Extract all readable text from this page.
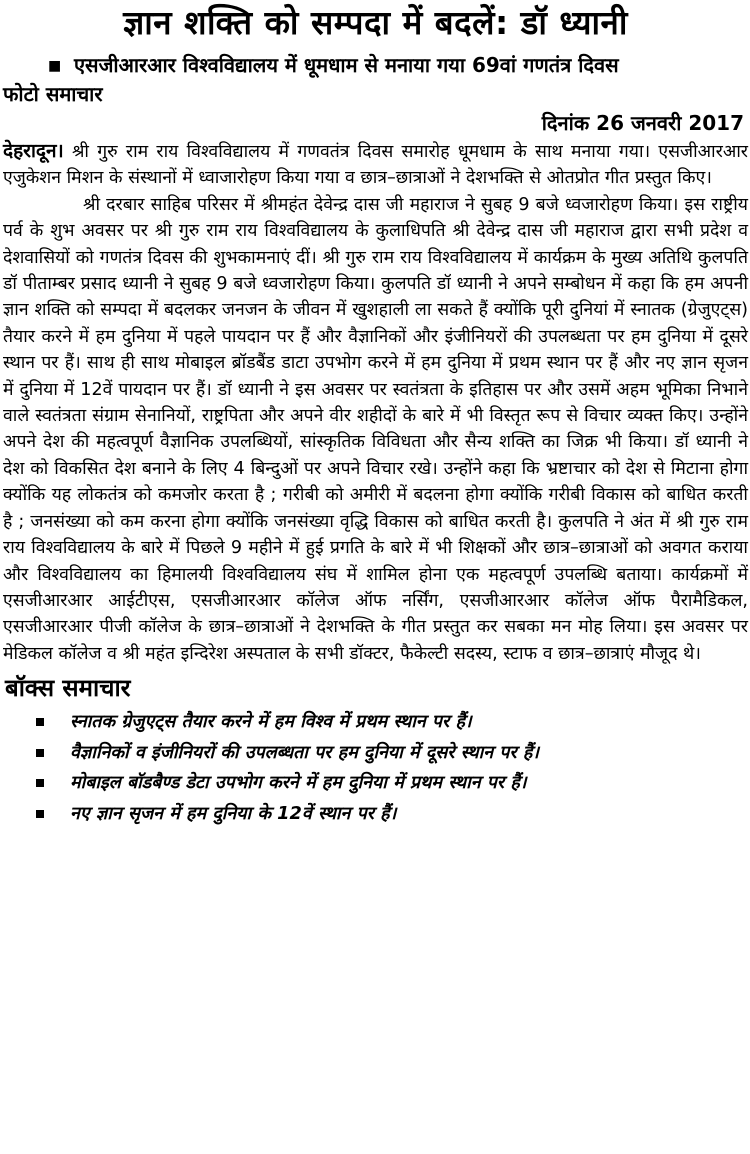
ज्ञान शक्ति को सम्पदा में बदलें: डॉ ध्यानी
■ एसजीआरआर विश्वविद्यालय में धूमधाम से मनाया गया 69वां गणतंत्र दिवस
फोटो समाचार
दिनांक 26 जनवरी 2017

देहरादून। श्री गुरु राम राय विश्वविद्यालय में गणवतंत्र दिवस समारोह धूमधाम के साथ मनाया गया। एसजीआरआर एजुकेशन मिशन के संस्थानों में ध्वाजारोहण किया गया व छात्र–छात्राओं ने देशभक्ति से ओतप्रोत गीत प्रस्तुत किए।

श्री दरबार साहिब परिसर में श्रीमहंत देवेन्द्र दास जी महाराज ने सुबह 9 बजे ध्वजारोहण किया। इस राष्ट्रीय पर्व के शुभ अवसर पर श्री गुरु राम राय विश्वविद्यालय के कुलाधिपति श्री देवेन्द्र दास जी महाराज द्वारा सभी प्रदेश व देशवासियों को गणतंत्र दिवस की शुभकामनाएं दीं। श्री गुरु राम राय विश्वविद्यालय में कार्यक्रम के मुख्य अतिथि कुलपति डॉ पीताम्बर प्रसाद ध्यानी ने सुबह 9 बजे ध्वजारोहण किया। कुलपति डॉ ध्यानी ने अपने सम्बोधन में कहा कि हम अपनी ज्ञान शक्ति को सम्पदा में बदलकर जनजन के जीवन में खुशहाली ला सकते हैं क्योंकि पूरी दुनियां में स्नातक (ग्रेजुएट्स) तैयार करने में हम दुनिया में पहले पायदान पर हैं और वैज्ञानिकों और इंजीनियरों की उपलब्धता पर हम दुनिया में दूसरे स्थान पर हैं। साथ ही साथ मोबाइल ब्रॉडबैंड डाटा उपभोग करने में हम दुनिया में प्रथम स्थान पर हैं और नए ज्ञान सृजन में दुनिया में 12वें पायदान पर हैं। डॉ ध्यानी ने इस अवसर पर स्वतंत्रता के इतिहास पर और उसमें अहम भूमिका निभाने वाले स्वतंत्रता संग्राम सेनानियों, राष्ट्रपिता और अपने वीर शहीदों के बारे में भी विस्तृत रूप से विचार व्यक्त किए। उन्होंने अपने देश की महत्वपूर्ण वैज्ञानिक उपलब्धियों, सांस्कृतिक विविधता और सैन्य शक्ति का जिक्र भी किया। डॉ ध्यानी ने देश को विकसित देश बनाने के लिए 4 बिन्दुओं पर अपने विचार रखे। उन्होंने कहा कि भ्रष्टाचार को देश से मिटाना होगा क्योंकि यह लोकतंत्र को कमजोर करता है ; गरीबी को अमीरी में बदलना होगा क्योंकि गरीबी विकास को बाधित करती है ; जनसंख्या को कम करना होगा क्योंकि जनसंख्या वृद्धि विकास को बाधित करती है। कुलपति ने अंत में श्री गुरु राम राय विश्वविद्यालय के बारे में पिछले 9 महीने में हुई प्रगति के बारे में भी शिक्षकों और छात्र–छात्राओं को अवगत कराया और विश्वविद्यालय का हिमालयी विश्वविद्यालय संघ में शामिल होना एक महत्वपूर्ण उपलब्धि बताया। कार्यक्रमों में एसजीआरआर आईटीएस, एसजीआरआर कॉलेज ऑफ नर्सिंग, एसजीआरआर कॉलेज ऑफ पैरामैडिकल, एसजीआरआर पीजी कॉलेज के छात्र–छात्राओं ने देशभक्ति के गीत प्रस्तुत कर सबका मन मोह लिया। इस अवसर पर मेडिकल कॉलेज व श्री महंत इन्दिरेश अस्पताल के सभी डॉक्टर, फैकेल्टी सदस्य, स्टाफ व छात्र–छात्राएं मौजूद थे।

बॉक्स समाचार
स्नातक ग्रेजुएट्स तैयार करने में हम विश्व में प्रथम स्थान पर हैं।
वैज्ञानिकों व इंजीनियरों की उपलब्धता पर हम दुनिया में दूसरे स्थान पर हैं।
मोबाइल बॉडबैण्ड डेटा उपभोग करने में हम दुनिया में प्रथम स्थान पर हैं।
नए ज्ञान सृजन में हम दुनिया के 12वें स्थान पर हैं।
